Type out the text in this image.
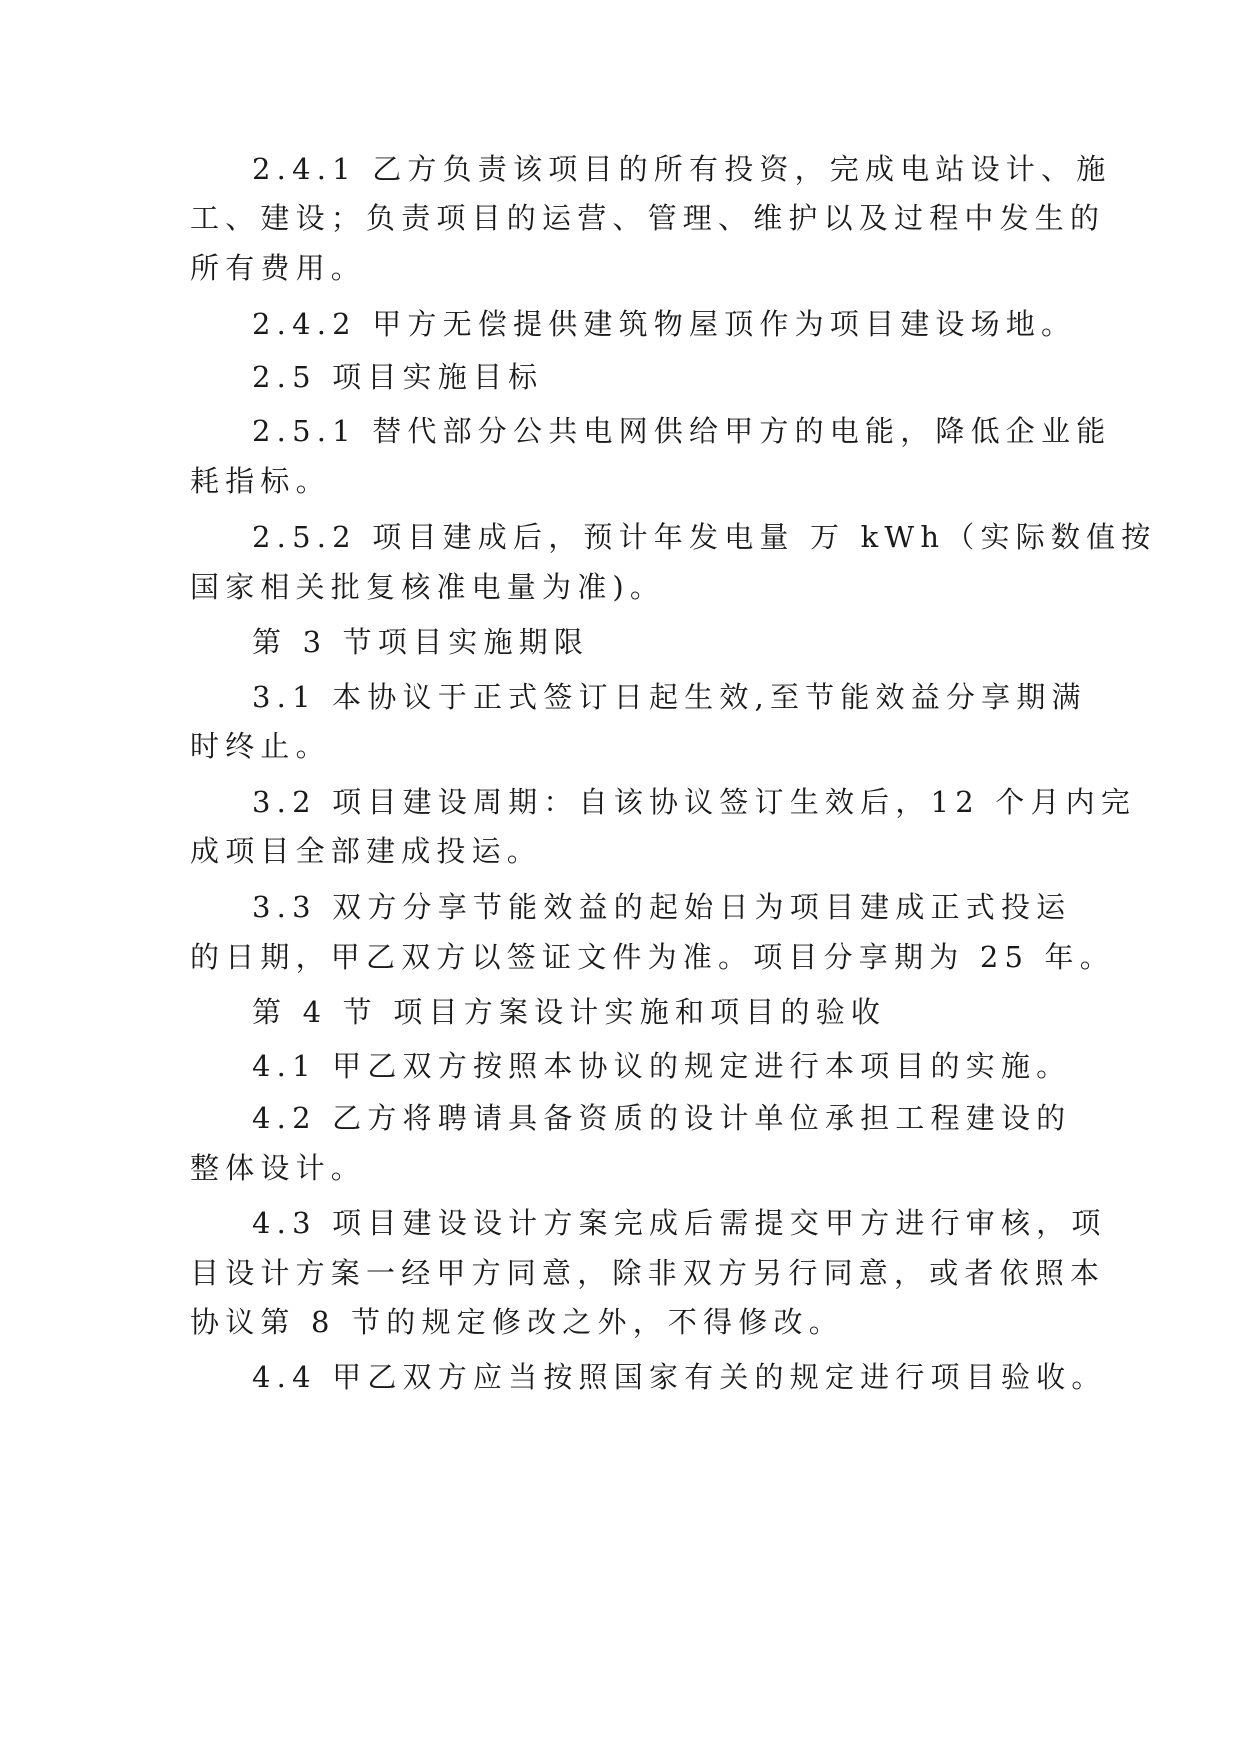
2.4.1 乙方负责该项目的所有投资，完成电站设计、施
工、建设；负责项目的运营、管理、维护以及过程中发生的
所有费用。
2.4.2 甲方无偿提供建筑物屋顶作为项目建设场地。
2.5 项目实施目标
2.5.1 替代部分公共电网供给甲方的电能，降低企业能
耗指标。
2.5.2 项目建成后，预计年发电量 万 kWh（实际数值按
国家相关批复核准电量为准)。
第 3 节项目实施期限
3.1 本协议于正式签订日起生效,至节能效益分享期满
时终止。
3.2 项目建设周期：自该协议签订生效后，12 个月内完
成项目全部建成投运。
3.3 双方分享节能效益的起始日为项目建成正式投运
的日期，甲乙双方以签证文件为准。项目分享期为 25 年。
第 4 节 项目方案设计实施和项目的验收
4.1 甲乙双方按照本协议的规定进行本项目的实施。
4.2 乙方将聘请具备资质的设计单位承担工程建设的
整体设计。
4.3 项目建设设计方案完成后需提交甲方进行审核，项
目设计方案一经甲方同意，除非双方另行同意，或者依照本
协议第 8 节的规定修改之外，不得修改。
4.4 甲乙双方应当按照国家有关的规定进行项目验收。
